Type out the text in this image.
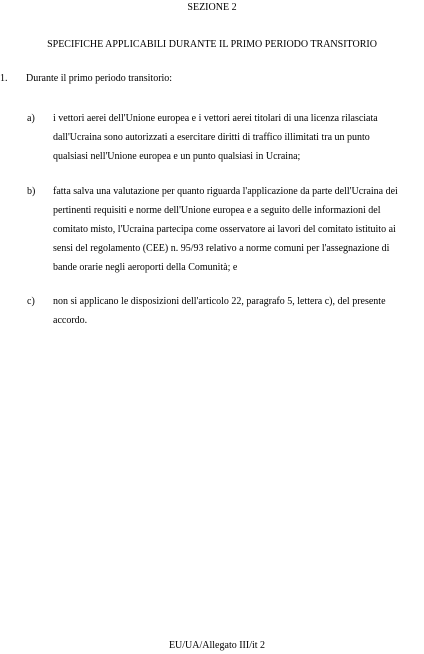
SEZIONE 2
SPECIFICHE APPLICABILI DURANTE IL PRIMO PERIODO TRANSITORIO
1. Durante il primo periodo transitorio:
a) i vettori aerei dell'Unione europea e i vettori aerei titolari di una licenza rilasciata
dall'Ucraina sono autorizzati a esercitare diritti di traffico illimitati tra un punto
qualsiasi nell'Unione europea e un punto qualsiasi in Ucraina;
b) fatta salva una valutazione per quanto riguarda l'applicazione da parte dell'Ucraina dei
pertinenti requisiti e norme dell'Unione europea e a seguito delle informazioni del
comitato misto, l'Ucraina partecipa come osservatore ai lavori del comitato istituito ai
sensi del regolamento (CEE) n. 95/93 relativo a norme comuni per l'assegnazione di
bande orarie negli aeroporti della Comunità; e
c) non si applicano le disposizioni dell'articolo 22, paragrafo 5, lettera c), del presente
accordo.
EU/UA/Allegato III/it 2
